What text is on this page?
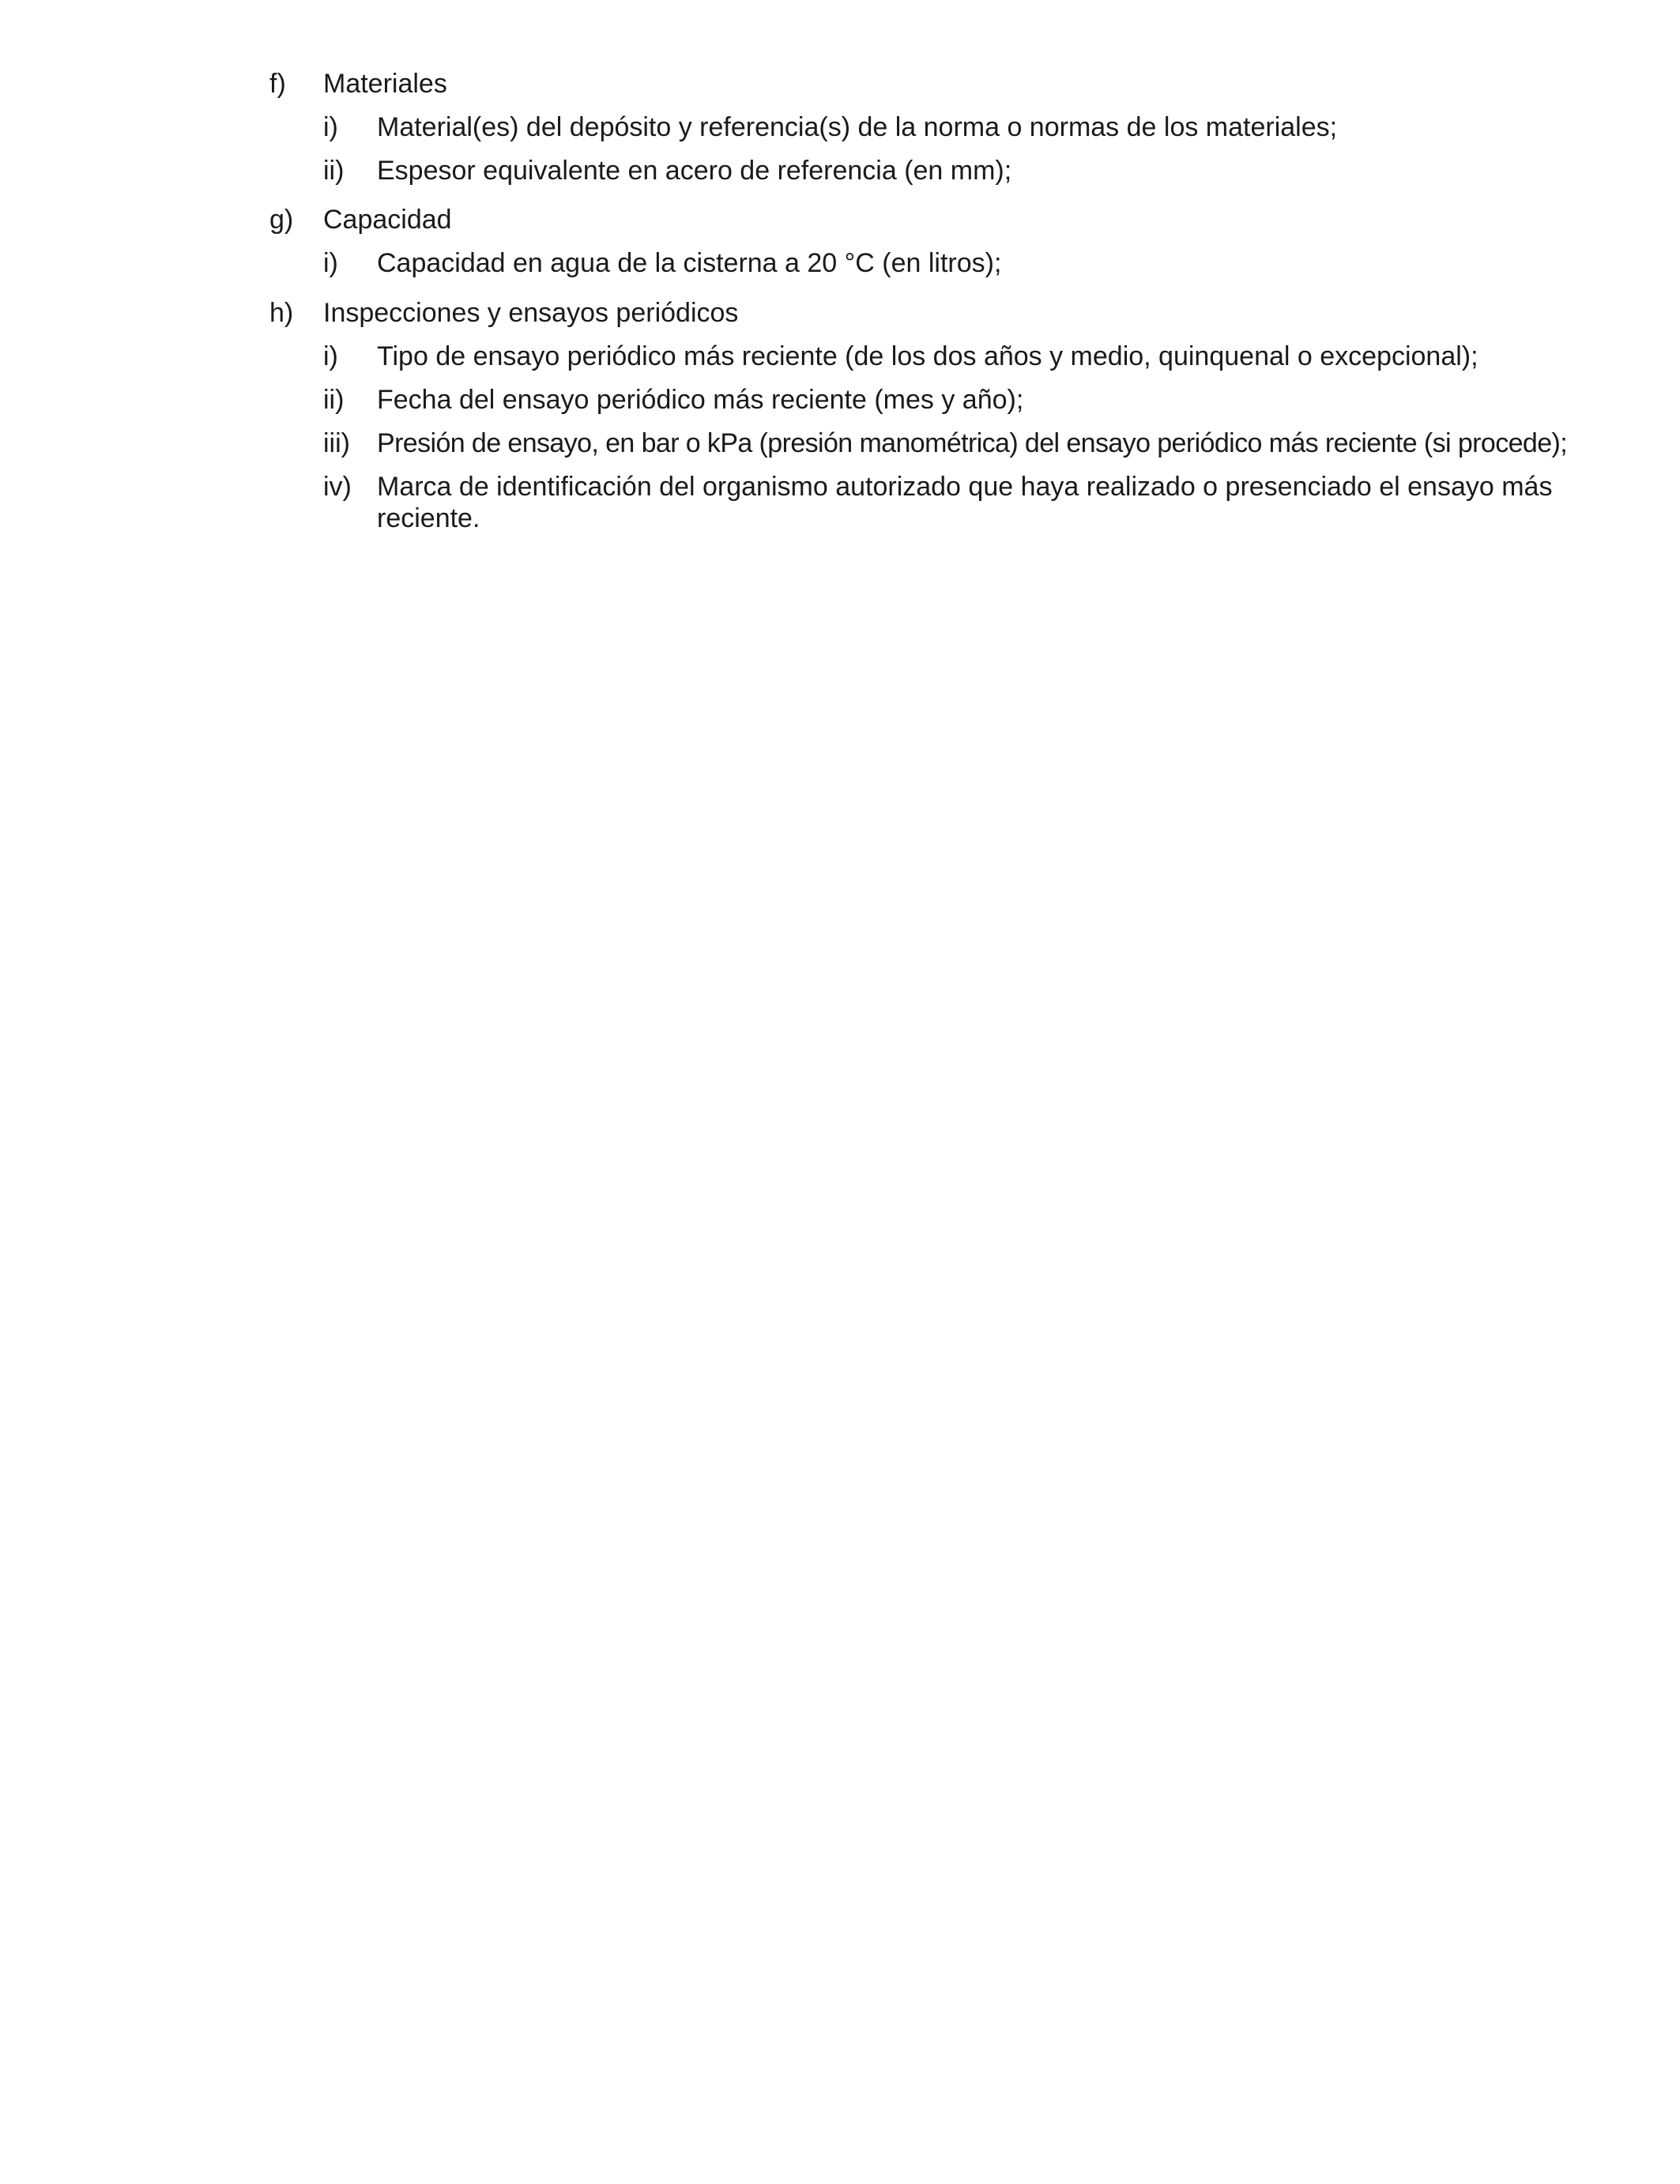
f)	Materiales
i)	Material(es) del depósito y referencia(s) de la norma o normas de los materiales;
ii)	Espesor equivalente en acero de referencia (en mm);
g)	Capacidad
i)	Capacidad en agua de la cisterna a 20 °C (en litros);
h)	Inspecciones y ensayos periódicos
i)	Tipo de ensayo periódico más reciente (de los dos años y medio, quinquenal o excepcional);
ii)	Fecha del ensayo periódico más reciente (mes y año);
iii)	Presión de ensayo, en bar o kPa (presión manométrica) del ensayo periódico más reciente (si procede);
iv) Marca de identificación del organismo autorizado que haya realizado o presenciado el ensayo más reciente.
